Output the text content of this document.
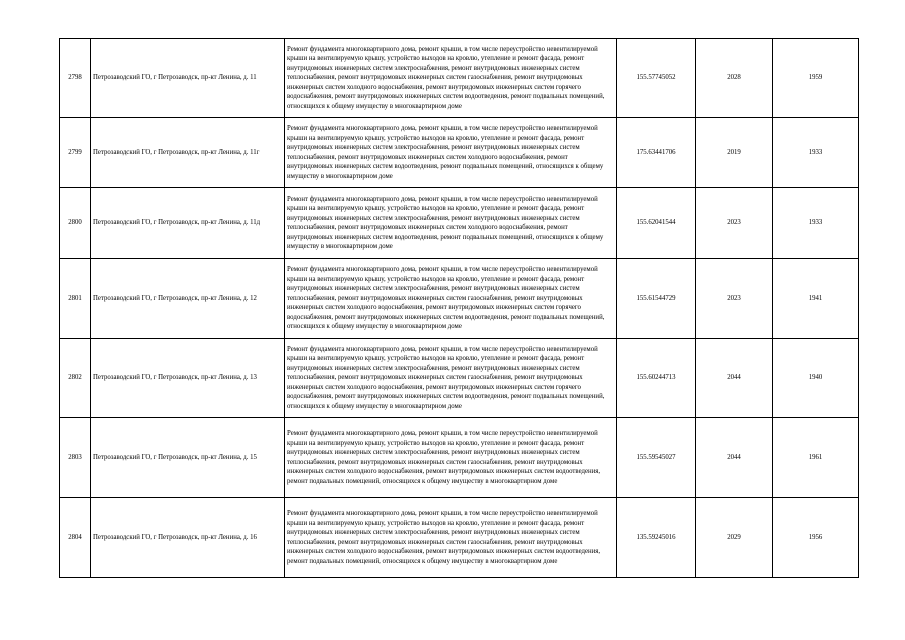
2798	Петрозаводский ГО, г Петрозаводск, пр-кт Ленина, д. 11	Ремонт фундамента многоквартирного дома, ремонт крыши, в том числе переустройство невентилируемой крыши на вентилируемую крышу, устройство выходов на кровлю, утепление и ремонт фасада, ремонт внутридомовых инженерных систем электроснабжения, ремонт внутридомовых инженерных систем теплоснабжения, ремонт внутридомовых инженерных систем газоснабжения, ремонт внутридомовых инженерных систем холодного водоснабжения, ремонт внутридомовых инженерных систем горячего водоснабжения, ремонт внутридомовых инженерных систем водоотведения, ремонт подвальных помещений, относящихся к общему имуществу в многоквартирном доме	155.57745052	2028	1959
2799	Петрозаводский ГО, г Петрозаводск, пр-кт Ленина, д. 11г	Ремонт фундамента многоквартирного дома, ремонт крыши, в том числе переустройство невентилируемой крыши на вентилируемую крышу, устройство выходов на кровлю, утепление и ремонт фасада, ремонт внутридомовых инженерных систем электроснабжения, ремонт внутридомовых инженерных систем теплоснабжения, ремонт внутридомовых инженерных систем холодного водоснабжения, ремонт внутридомовых инженерных систем водоотведения, ремонт подвальных помещений, относящихся к общему имуществу в многоквартирном доме	175.63441706	2019	1933
2800	Петрозаводский ГО, г Петрозаводск, пр-кт Ленина, д. 11д	Ремонт фундамента многоквартирного дома, ремонт крыши, в том числе переустройство невентилируемой крыши на вентилируемую крышу, устройство выходов на кровлю, утепление и ремонт фасада, ремонт внутридомовых инженерных систем электроснабжения, ремонт внутридомовых инженерных систем теплоснабжения, ремонт внутридомовых инженерных систем холодного водоснабжения, ремонт внутридомовых инженерных систем водоотведения, ремонт подвальных помещений, относящихся к общему имуществу в многоквартирном доме	155.62041544	2023	1933
2801	Петрозаводский ГО, г Петрозаводск, пр-кт Ленина, д. 12	Ремонт фундамента многоквартирного дома, ремонт крыши, в том числе переустройство невентилируемой крыши на вентилируемую крышу, устройство выходов на кровлю, утепление и ремонт фасада, ремонт внутридомовых инженерных систем электроснабжения, ремонт внутридомовых инженерных систем теплоснабжения, ремонт внутридомовых инженерных систем газоснабжения, ремонт внутридомовых инженерных систем холодного водоснабжения, ремонт внутридомовых инженерных систем горячего водоснабжения, ремонт внутридомовых инженерных систем водоотведения, ремонт подвальных помещений, относящихся к общему имуществу в многоквартирном доме	155.61544729	2023	1941
2802	Петрозаводский ГО, г Петрозаводск, пр-кт Ленина, д. 13	Ремонт фундамента многоквартирного дома, ремонт крыши, в том числе переустройство невентилируемой крыши на вентилируемую крышу, устройство выходов на кровлю, утепление и ремонт фасада, ремонт внутридомовых инженерных систем электроснабжения, ремонт внутридомовых инженерных систем теплоснабжения, ремонт внутридомовых инженерных систем газоснабжения, ремонт внутридомовых инженерных систем холодного водоснабжения, ремонт внутридомовых инженерных систем горячего водоснабжения, ремонт внутридомовых инженерных систем водоотведения, ремонт подвальных помещений, относящихся к общему имуществу в многоквартирном доме	155.60244713	2044	1940
2803	Петрозаводский ГО, г Петрозаводск, пр-кт Ленина, д. 15	Ремонт фундамента многоквартирного дома, ремонт крыши, в том числе переустройство невентилируемой крыши на вентилируемую крышу, устройство выходов на кровлю, утепление и ремонт фасада, ремонт внутридомовых инженерных систем электроснабжения, ремонт внутридомовых инженерных систем теплоснабжения, ремонт внутридомовых инженерных систем газоснабжения, ремонт внутридомовых инженерных систем холодного водоснабжения, ремонт внутридомовых инженерных систем водоотведения, ремонт подвальных помещений, относящихся к общему имуществу в многоквартирном доме	155.59545027	2044	1961
2804	Петрозаводский ГО, г Петрозаводск, пр-кт Ленина, д. 16	Ремонт фундамента многоквартирного дома, ремонт крыши, в том числе переустройство невентилируемой крыши на вентилируемую крышу, устройство выходов на кровлю, утепление и ремонт фасада, ремонт внутридомовых инженерных систем электроснабжения, ремонт внутридомовых инженерных систем теплоснабжения, ремонт внутридомовых инженерных систем газоснабжения, ремонт внутридомовых инженерных систем холодного водоснабжения, ремонт внутридомовых инженерных систем водоотведения, ремонт подвальных помещений, относящихся к общему имуществу в многоквартирном доме	135.59245016	2029	1956
